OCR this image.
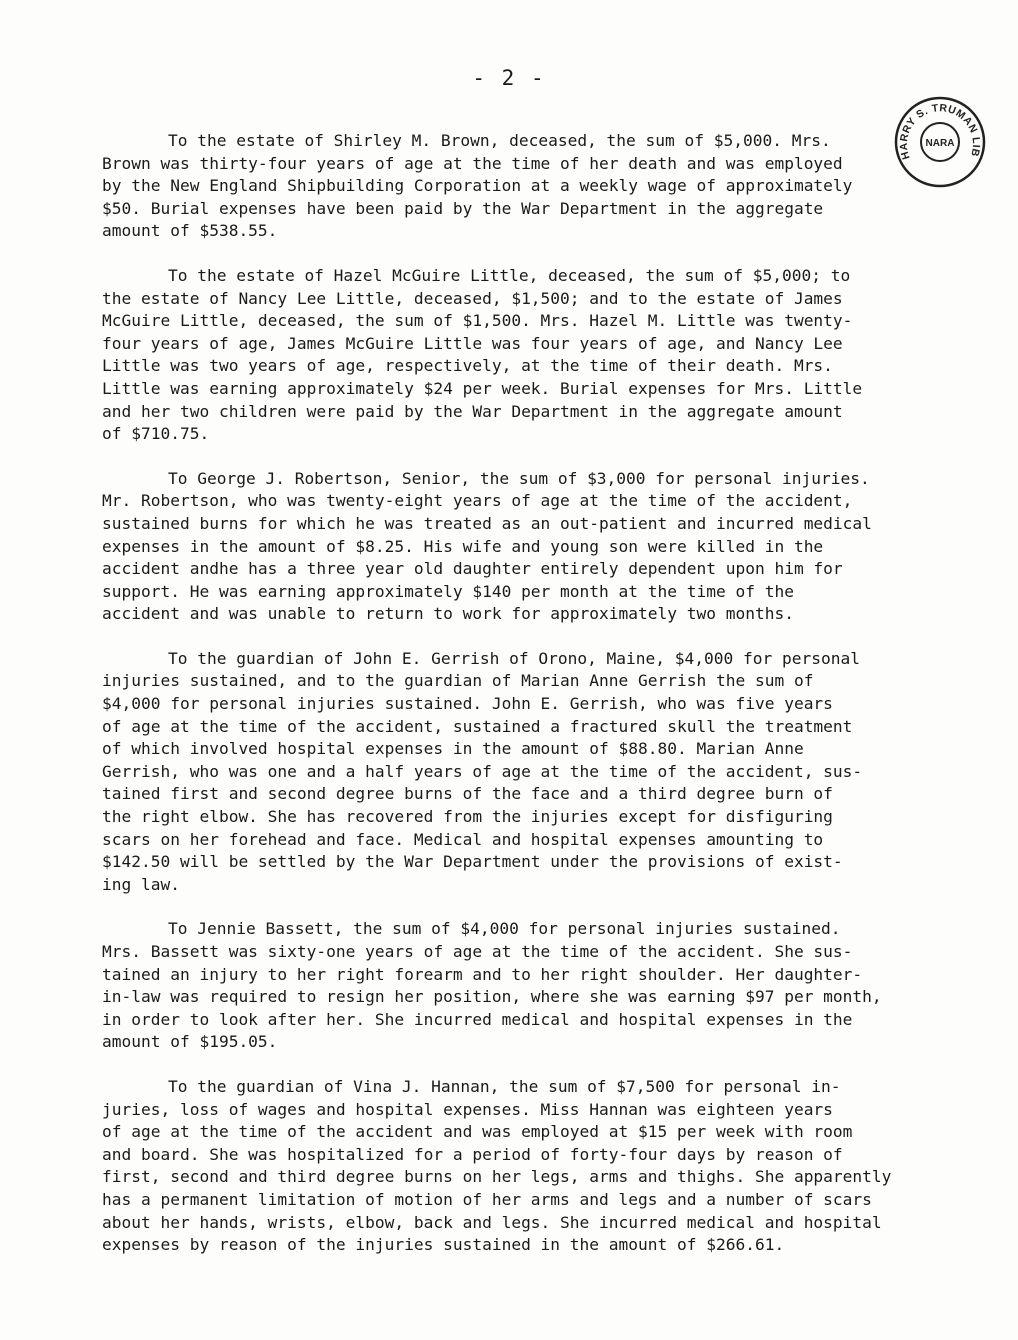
- 2 -
HARRY S. TRUMAN LIB
NARA
To the estate of Shirley M. Brown, deceased, the sum of $5,000. Mrs.
Brown was thirty-four years of age at the time of her death and was employed
by the New England Shipbuilding Corporation at a weekly wage of approximately
$50. Burial expenses have been paid by the War Department in the aggregate
amount of $538.55.
To the estate of Hazel McGuire Little, deceased, the sum of $5,000; to
the estate of Nancy Lee Little, deceased, $1,500; and to the estate of James
McGuire Little, deceased, the sum of $1,500. Mrs. Hazel M. Little was twenty-
four years of age, James McGuire Little was four years of age, and Nancy Lee
Little was two years of age, respectively, at the time of their death. Mrs.
Little was earning approximately $24 per week. Burial expenses for Mrs. Little
and her two children were paid by the War Department in the aggregate amount
of $710.75.
To George J. Robertson, Senior, the sum of $3,000 for personal injuries.
Mr. Robertson, who was twenty-eight years of age at the time of the accident,
sustained burns for which he was treated as an out-patient and incurred medical
expenses in the amount of $8.25. His wife and young son were killed in the
accident andhe has a three year old daughter entirely dependent upon him for
support. He was earning approximately $140 per month at the time of the
accident and was unable to return to work for approximately two months.
To the guardian of John E. Gerrish of Orono, Maine, $4,000 for personal
injuries sustained, and to the guardian of Marian Anne Gerrish the sum of
$4,000 for personal injuries sustained. John E. Gerrish, who was five years
of age at the time of the accident, sustained a fractured skull the treatment
of which involved hospital expenses in the amount of $88.80. Marian Anne
Gerrish, who was one and a half years of age at the time of the accident, sus-
tained first and second degree burns of the face and a third degree burn of
the right elbow. She has recovered from the injuries except for disfiguring
scars on her forehead and face. Medical and hospital expenses amounting to
$142.50 will be settled by the War Department under the provisions of exist-
ing law.
To Jennie Bassett, the sum of $4,000 for personal injuries sustained.
Mrs. Bassett was sixty-one years of age at the time of the accident. She sus-
tained an injury to her right forearm and to her right shoulder. Her daughter-
in-law was required to resign her position, where she was earning $97 per month,
in order to look after her. She incurred medical and hospital expenses in the
amount of $195.05.
To the guardian of Vina J. Hannan, the sum of $7,500 for personal in-
juries, loss of wages and hospital expenses. Miss Hannan was eighteen years
of age at the time of the accident and was employed at $15 per week with room
and board. She was hospitalized for a period of forty-four days by reason of
first, second and third degree burns on her legs, arms and thighs. She apparently
has a permanent limitation of motion of her arms and legs and a number of scars
about her hands, wrists, elbow, back and legs. She incurred medical and hospital
expenses by reason of the injuries sustained in the amount of $266.61.
